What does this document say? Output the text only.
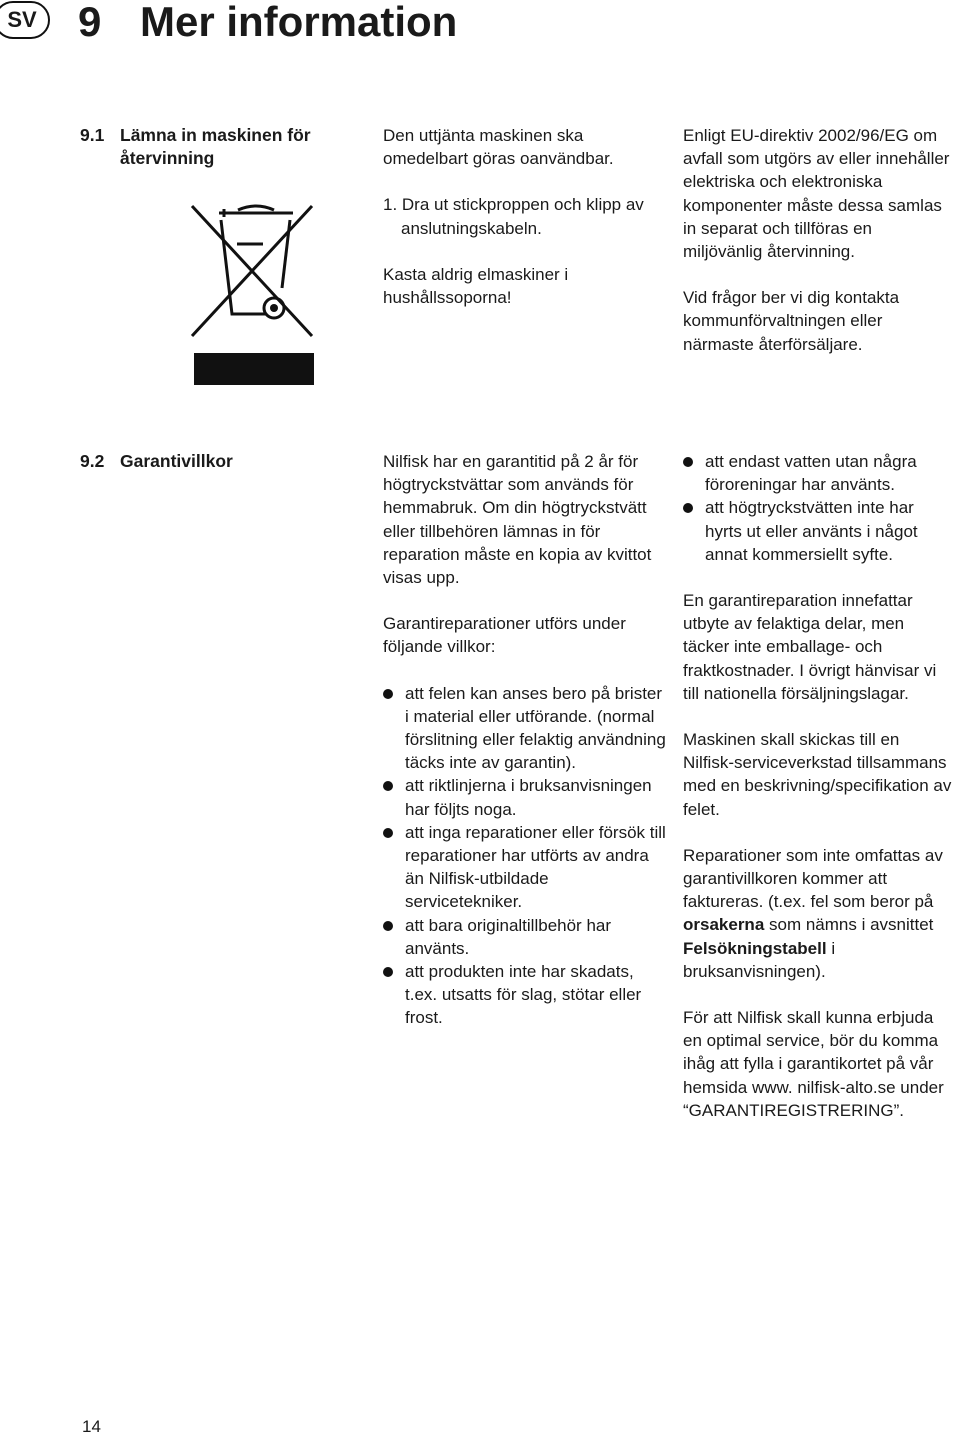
SV 9 Mer information
9.1 Lämna in maskinen för återvinning

Den uttjänta maskinen ska omedelbart göras oanvändbar.

1. Dra ut stickproppen och klipp av anslutningskabeln.

Kasta aldrig elmaskiner i hushållssoporna!

Enligt EU-direktiv 2002/96/EG om avfall som utgörs av eller innehåller elektriska och elektroniska komponenter måste dessa samlas in separat och tillföras en miljövänlig återvinning.

Vid frågor ber vi dig kontakta kommunförvaltningen eller närmaste återförsäljare.

9.2 Garantivillkor	Nilfisk har en garantitid på 2 år för högtryckstvättar som används för hemmabruk. Om din högtryckstvätt eller tillbehören lämnas in för reparation måste en kopia av kvittot visas upp.

Garantireparationer utförs under följande villkor:

att felen kan anses bero på brister i material eller utförande. (normal förslitning eller felaktig användning täcks inte av garantin).
att riktlinjerna i bruksanvisningen har följts noga.
att inga reparationer eller försök till reparationer har utförts av andra än Nilfisk-utbildade servicetekniker.
att bara originaltillbehör har använts.
att produkten inte har skadats, t.ex. utsatts för slag, stötar eller frost.
att endast vatten utan några föroreningar har använts.
att högtryckstvätten inte har hyrts ut eller använts i något annat kommersiellt syfte.

En garantireparation innefattar utbyte av felaktiga delar, men täcker inte emballage- och fraktkostnader. I övrigt hänvisar vi till nationella försäljningslagar.

Maskinen skall skickas till en Nilfisk-serviceverkstad tillsammans med en beskrivning/specifikation av felet.

Reparationer som inte omfattas av garantivillkoren kommer att faktureras. (t.ex. fel som beror på orsakerna som nämns i avsnittet Felsökningstabell i bruksanvisningen).

För att Nilfisk skall kunna erbjuda en optimal service, bör du komma ihåg att fylla i garantikortet på vår hemsida www. nilfisk-alto.se under “GARANTIREGISTRERING”.

14
